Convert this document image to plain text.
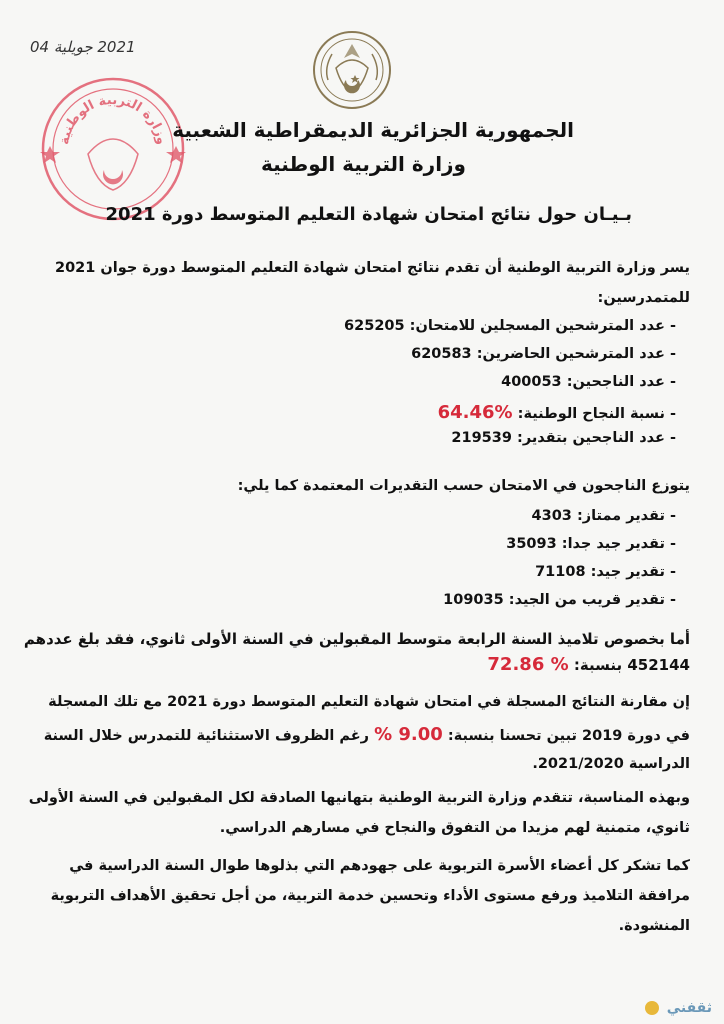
2021 جويلية 04
وزارة التربية الوطنية الجمهورية الجزائرية الديمقراطية الشعبية
وزارة التربية الوطنية
بـيـان حول نتائج امتحان شهادة التعليم المتوسط دورة 2021
يسر وزارة التربية الوطنية أن تقدم نتائج امتحان شهادة التعليم المتوسط دورة جوان 2021
للمتمدرسين:
- عدد المترشحين المسجلين للامتحان: 625205
- عدد المترشحين الحاضرين: 620583
- عدد الناجحين: 400053
- نسبة النجاح الوطنية: %64.46
- عدد الناجحين بتقدير: 219539
يتوزع الناجحون في الامتحان حسب التقديرات المعتمدة كما يلي:
- تقدير ممتاز: 4303
- تقدير جيد جدا: 35093
- تقدير جيد: 71108
- تقدير قريب من الجيد: 109035
أما بخصوص تلاميذ السنة الرابعة متوسط المقبولين في السنة الأولى ثانوي، فقد بلغ عددهم
452144 بنسبة: % 72.86
إن مقارنة النتائج المسجلة في امتحان شهادة التعليم المتوسط دورة 2021 مع تلك المسجلة
في دورة 2019 تبين تحسنا بنسبة: 9.00 % رغم الظروف الاستثنائية للتمدرس خلال السنة
الدراسية 2021/2020.
وبهذه المناسبة، تتقدم وزارة التربية الوطنية بتهانيها الصادقة لكل المقبولين في السنة الأولى
ثانوي، متمنية لهم مزيدا من التفوق والنجاح في مسارهم الدراسي.
كما تشكر كل أعضاء الأسرة التربوية على جهودهم التي بذلوها طوال السنة الدراسية في
مرافقة التلاميذ ورفع مستوى الأداء وتحسين خدمة التربية، من أجل تحقيق الأهداف التربوية
المنشودة.
ثقفني
